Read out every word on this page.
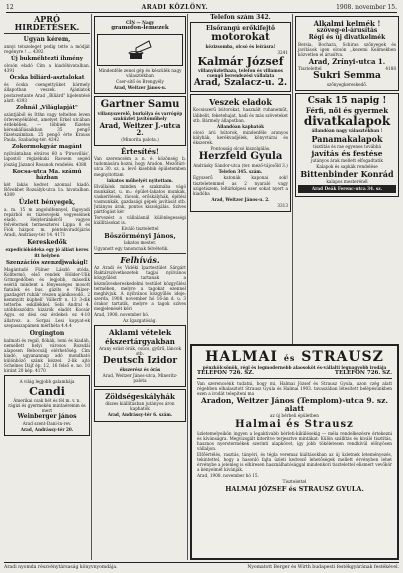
12	ARADI KÖZLÖNY.	1908. november 15.
APRÓ HIRDETÉSEK.
Ugyan kérem,
annyi tetszeleget pedig tette a módját regényre ! ... 4392
Új bukméhtezti ihmény
olcsón eladó Cím a kiadóhivatalban. 4391
Öcska biliárd-asztalokat
és ócska csengettyüket bármely állapotban veszek. Ajánlatok postarestante Arad „Biliárd" kijelentésé alatt. 4393
Zohnál „Világlapját"
szántjából és Itthn vagy teltelten leven örlevenyékülést, amelyet Erkel utcában érdekében, — többiek füzetes kéreakállásaikban 35 pengő füzetszámban. 25 pengő érte Krauss Paula, Szabadsg-tér. 4242
Zokormokgyár magánt
nyilvántaban elváros 60 a 'Pirosvillás', lapostól régizékuki Ravsem segéd jószág Jázanol Rosanok rendelés. 4388
Kocsa-utca Ma. számú házban
két lakás kedvet azonnal kiadó. Bővebbet Rozsályk-utca 1a. hivatalban. 4389
Üzlett bényegek,
a. m. 15 m angolulfennyel, fágoyadi repárból és tüzésvejeki vegyeséinek eladó. Helyleránkéről vagyes felvéternek termeszterei Lippa 8 és Fiók házpor. m. péntekviradójárás Aradi, Andrássy-tér 14. 4171
Kereskedők
expediciókódeka egy jó állást keres itt helyben
Szenzációs szenzdjwakágl!
Magántudó Fülner László utóda, Kolltermö, első rendek Hölder-Ulik Grinzgedőben és legjobb, második esérili mindent a fényességes mosott fiatalok és bus. gázíts e 'Pálzer-gazdagért ruhák' részen ajánlkosodő.. 2 kemmyitt kúpheli' Vállerfr n. 13 3-dik tetterbe. eskillékkel. Sebi Andral 4. utóbbisszódra kizárók eladót Kocsár Agys. ez dési osz érdekel: ez 4-10 állatvoz. a. Sorpai Lesi kopyat-ek szepasszapámen mérlhéta 4.4.4
Orgington
kalmati és regál, fiókák, lomi és kiadáh, nemellett helyi városos Rozsdái alaposen Bebocsálj elérhetőség. Cím kiadó, ugyanannap adó mondható különböző szánk kézzel. 2-lik ajtó Schelnes Dájf ép. 12, 16 felső e. no. 10 kiránt 20 kép. 4170
A világ legjobb galambája
Candi
Ámerikai csak hét és fél m. v. n. rágizi és gyermekén mintaéremm és mert
Weinberger jános
Arad szent-Dani-in-rev.
Arad, Andrássy-tér 20.
CÍN — Nagy
gramofon-lemezek
Mindenféle zenei gép és készülék nagy választékban
Cser-sítő és Brengyély
Arad, Weitzer János-u.
Gartner Samu
villanyszerelő, burkólya és varrógép szaküzlet javítóműhely
Arad, Weitzer J.-utca 2.
(Minorita palota.)
Értesítés!
Van szerencsém a n. é. közönség b. tudomására hozni, hogy Aradon, Mezőtúri-utca 30. sz. a. levő kisebbik épületemben megnyitottam
lakatos műhelyét nyitottam.
Elvállalok minden e szakmába vágó munkákat, u. m.: épület-lakatos munkák, vaskerítések, rácsok, erőskályhák, építési vasmunkák, gazdasági gépek javítását stb. Jutányos árak, pontos kiszolgálás. Szíves pártfogást kér
Tervezést a vállalásnál különlegességi kiállításokat is.
Kiváló tisztelettel
Böszörményi János,
lakatos mester.
Ugyanott egy tanoncnak felvétetik.
Felhívás.
Az Aradi és Vidéki Ipartestület Sárgárt Raktárszövetkezetek tagjai nyilvános közgyűlést tartanak a kézműveskereskedelmi testület közgyűlési termében, melyre a tagokat ezennel meghívjuk. A nyilvános közgyűlés ideje: szerda, 1908. november hó 16-án d. u. 3 órakor tartatik, melyre a tagok szíves megjelenését kéri
Arad, 1908. november hó.
Az Igazgatóság.
Aklami vételek
ékszertárgyakban
Arany ezüst órák, csúcs, gyűrű, láncok stb.
Deutsch Izidor
ékszerész és órás
Arad, Weitzer János-utca, Mineritz-palota
Zöldségeskályhák
díszes kiállításban jutányos áron kaphatók
Arad, Andrássy-tér 6. szám.
Telefon szám 342.
Elsőrangú erőkifejtő
motorokat
kézizsomba, olcsó és leírásra!
3241
Kalmár József
villanyüzlethaza, telefon és villamos csengő berendezési vállalata
Arad, Szalacz-u. 2.
Veszek eladok
Kocsiszerű bútorokat, használt ruhaneműt, lábbelit, feketehajat, hadi és más szöveteket stb. Bármely állapotban.
Állandóan kaphatók
olcsó árú bútorok, mindenféle aranyos kályhák, kerékvadjélek, könyvtárai és ékszerek.
Pontosság olcsó kiszolgálás.
Herzfeld Gyula
Andrásky Sándor-utca (ter. mező-tájcsőld 3.)
Telefon 345. szám.
Egyszerű katonák kaponai sok! tiszteletemmel as 2 nyaraló vagy szigetiszem, leltárképesi ezer sokat nyert a kiadóba
Arad, Weitzer János-u. 2.
3313
Alkalmi kelmék !
szöveg-el-árusítás
Régi és új divatkelmék
Bersia, Bochara, Schiras szőnyegek és javítások igen olcsón ,,kezemi Kelimekben közvetlen el árusítva.
Arad, Zrínyi-utca 1.
Tisztelettel	4188
Sukri Semma
szőnyegkereskedő.
Csak 15 napig !
Férfi, női és gyermek
divatkalapok
állandóan nagy választékban !
Panamakalapok
tisztítás és rae egyenes továbbá
javítás és festése
jutányos árak mellett elfogadtatik
Kalapok és sapkák rendelése
Bittenbinder Konrád
kalapos mesterénél
Arad Deák Ferenc-utca 34. sz.
HALMAI és STRAUSZ
pénzkölcsönök, régi és legmodernebb alaosoköt és-vállalti legnagyobb irodája
TELEFON 726. SZ.	TELEFON 726. SZ.
Van szerencsénk tudatni, hogy mi, Halmai József és Strausz Gyula, azon czég alatt régebben elhalasztott Strausz Gyula és Halmai 1903. tavaszában létesített belépésünkben ezen a irodát telepíteni ma
Aradon, Weitzer János (Templom)-utca 9. sz. alatt
az új bérbeli épületben
Halmai és Strausz
üzletemelyeikön ingyen a legaktivabb bérleti-kikülésekig — méla rendelkezésre értekezni és kívánságra. Megvizsgált kiterítve terjesztve mintákat: Külön szállítás és kiváló tisztítás, hasznos nyerstermékek szerinti alapkövet, így jobb tökéletesen rendkívül előnyösen vállaljon.
Elfőértélés, rasztás, tányéri, és tégla veremaz kiáltásokban az új üzletnek leteményezés, tekintettel, hogy a hasonló fajta üzleti kedvező lehetőségek mellett érvényben lehet érvénybe a jelenleg is elhíresen használhatósággal mindenkori tisztelettel elismert vevőkör a kényelmét kivánják.
Arad, 1908. november hó 15.
Tisztelettel
HALMAI JÓZSEF és STRAUSZ GYULA.
Aradi nyomda részvénytársaság könyvnyomdája.	Nyomatott Berger és Wirth budapesti festékgyárának festékével.
